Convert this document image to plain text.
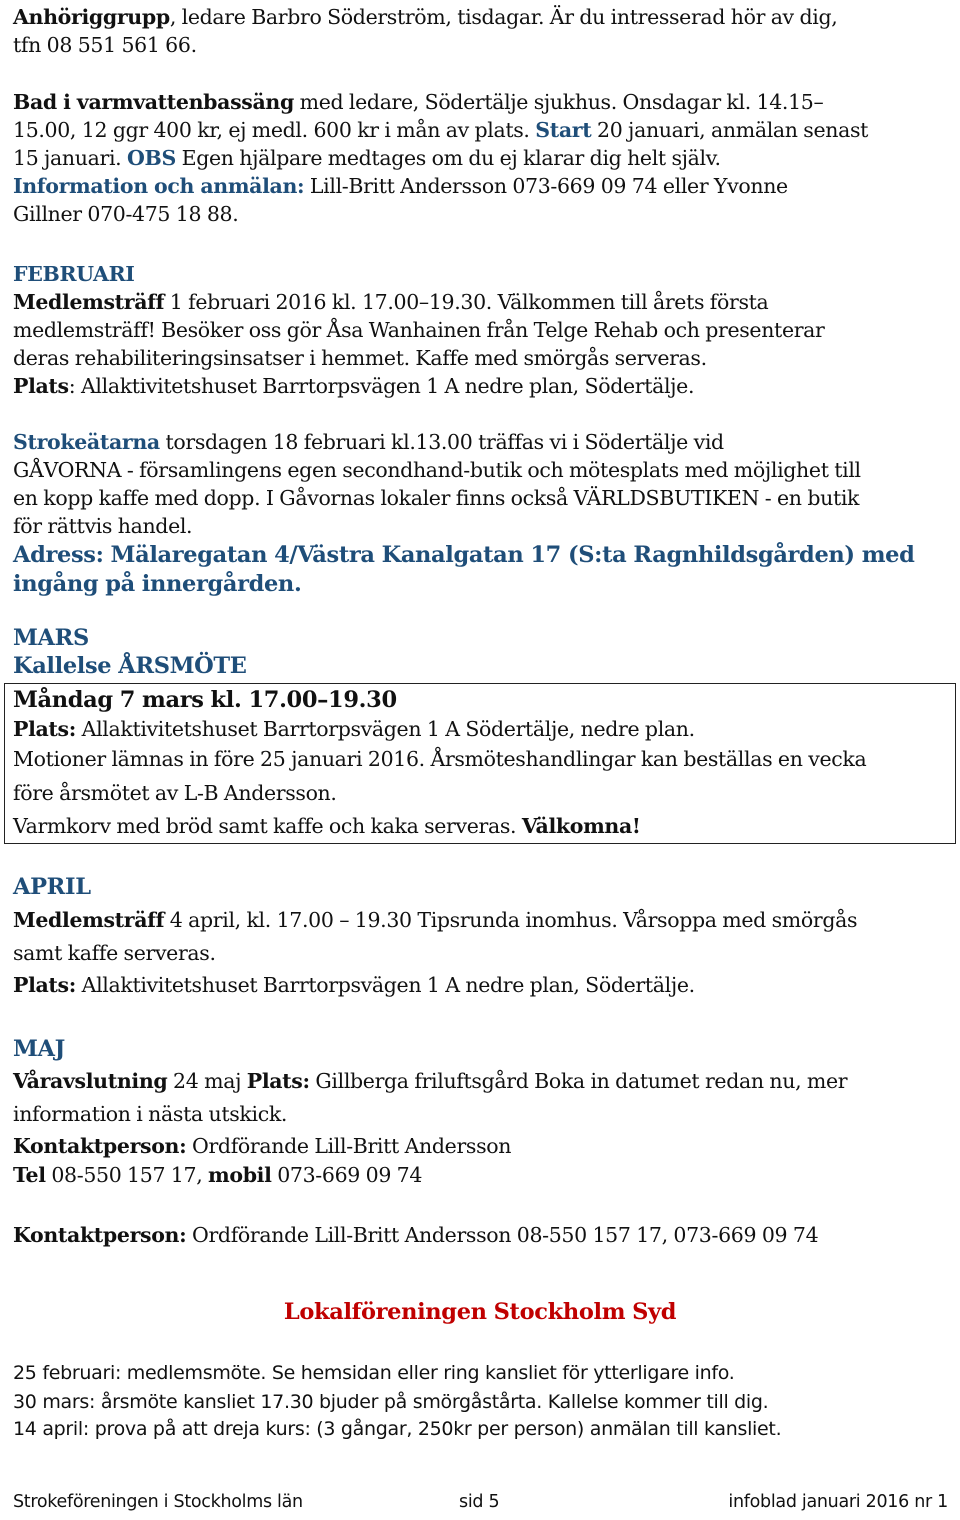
Anhöriggrupp, ledare Barbro Söderström, tisdagar. Är du intresserad hör av dig,
tfn 08 551 561 66.
Bad i varmvattenbassäng med ledare, Södertälje sjukhus. Onsdagar kl. 14.15–
15.00, 12 ggr 400 kr, ej medl. 600 kr i mån av plats. Start 20 januari, anmälan senast
15 januari. OBS Egen hjälpare medtages om du ej klarar dig helt själv.
Information och anmälan: Lill-Britt Andersson 073-669 09 74 eller Yvonne
Gillner 070-475 18 88.
FEBRUARI
Medlemsträff 1 februari 2016 kl. 17.00–19.30. Välkommen till årets första
medlemsträff! Besöker oss gör Åsa Wanhainen från Telge Rehab och presenterar
deras rehabiliteringsinsatser i hemmet. Kaffe med smörgås serveras.
Plats: Allaktivitetshuset Barrtorpsvägen 1 A nedre plan, Södertälje.
Strokeätarna torsdagen 18 februari kl.13.00 träffas vi i Södertälje vid
GÅVORNA - församlingens egen secondhand-butik och mötesplats med möjlighet till
en kopp kaffe med dopp. I Gåvornas lokaler finns också VÄRLDSBUTIKEN - en butik
för rättvis handel.
Adress: Mälaregatan 4/Västra Kanalgatan 17 (S:ta Ragnhildsgården) med
ingång på innergården.
MARS
Kallelse ÅRSMÖTE
Måndag 7 mars kl. 17.00–19.30
Plats: Allaktivitetshuset Barrtorpsvägen 1 A Södertälje, nedre plan.
Motioner lämnas in före 25 januari 2016. Årsmöteshandlingar kan beställas en vecka
före årsmötet av L-B Andersson.
Varmkorv med bröd samt kaffe och kaka serveras. Välkomna!
APRIL
Medlemsträff 4 april, kl. 17.00 – 19.30 Tipsrunda inomhus. Vårsoppa med smörgås
samt kaffe serveras.
Plats: Allaktivitetshuset Barrtorpsvägen 1 A nedre plan, Södertälje.
MAJ
Våravslutning 24 maj Plats: Gillberga friluftsgård Boka in datumet redan nu, mer
information i nästa utskick.
Kontaktperson: Ordförande Lill-Britt Andersson
Tel 08-550 157 17, mobil 073-669 09 74
Kontaktperson: Ordförande Lill-Britt Andersson 08-550 157 17, 073-669 09 74
Lokalföreningen Stockholm Syd
25 februari: medlemsmöte. Se hemsidan eller ring kansliet för ytterligare info.
30 mars: årsmöte kansliet 17.30 bjuder på smörgåstårta. Kallelse kommer till dig.
14 april: prova på att dreja kurs: (3 gångar, 250kr per person) anmälan till kansliet.
Strokeföreningen i Stockholms län	sid 5	infoblad januari 2016 nr 1
